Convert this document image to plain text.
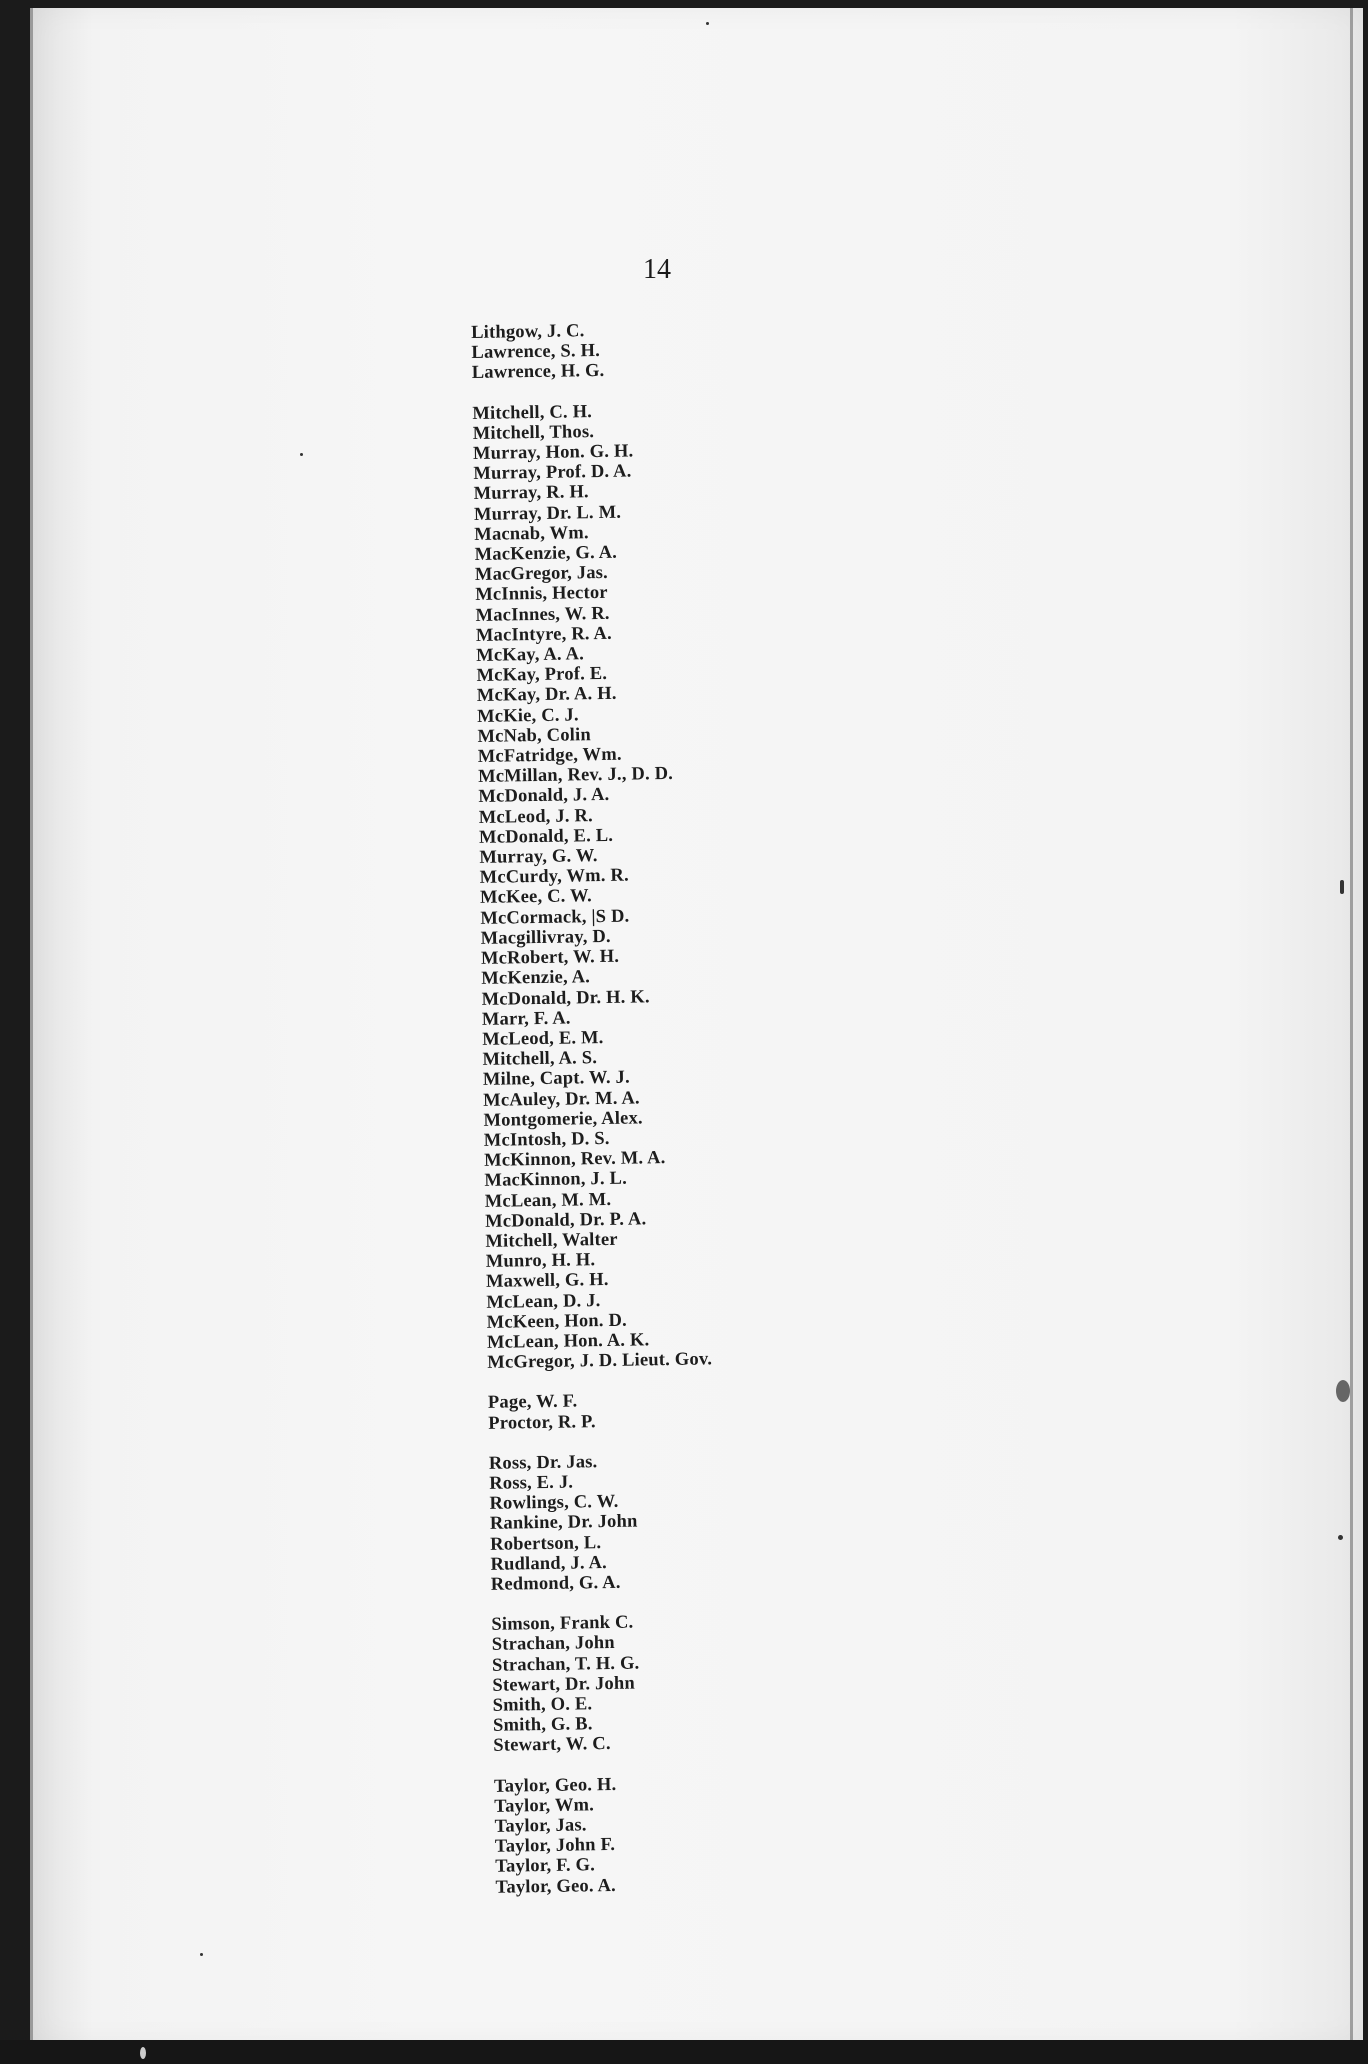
14
Lithgow, J. C.
Lawrence, S. H.
Lawrence, H. G.
Mitchell, C. H.
Mitchell, Thos.
Murray, Hon. G. H.
Murray, Prof. D. A.
Murray, R. H.
Murray, Dr. L. M.
Macnab, Wm.
MacKenzie, G. A.
MacGregor, Jas.
McInnis, Hector
MacInnes, W. R.
MacIntyre, R. A.
McKay, A. A.
McKay, Prof. E.
McKay, Dr. A. H.
McKie, C. J.
McNab, Colin
McFatridge, Wm.
McMillan, Rev. J., D. D.
McDonald, J. A.
McLeod, J. R.
McDonald, E. L.
Murray, G. W.
McCurdy, Wm. R.
McKee, C. W.
McCormack, |S D.
Macgillivray, D.
McRobert, W. H.
McKenzie, A.
McDonald, Dr. H. K.
Marr, F. A.
McLeod, E. M.
Mitchell, A. S.
Milne, Capt. W. J.
McAuley, Dr. M. A.
Montgomerie, Alex.
McIntosh, D. S.
McKinnon, Rev. M. A.
MacKinnon, J. L.
McLean, M. M.
McDonald, Dr. P. A.
Mitchell, Walter
Munro, H. H.
Maxwell, G. H.
McLean, D. J.
McKeen, Hon. D.
McLean, Hon. A. K.
McGregor, J. D. Lieut. Gov.
Page, W. F.
Proctor, R. P.
Ross, Dr. Jas.
Ross, E. J.
Rowlings, C. W.
Rankine, Dr. John
Robertson, L.
Rudland, J. A.
Redmond, G. A.
Simson, Frank C.
Strachan, John
Strachan, T. H. G.
Stewart, Dr. John
Smith, O. E.
Smith, G. B.
Stewart, W. C.
Taylor, Geo. H.
Taylor, Wm.
Taylor, Jas.
Taylor, John F.
Taylor, F. G.
Taylor, Geo. A.
